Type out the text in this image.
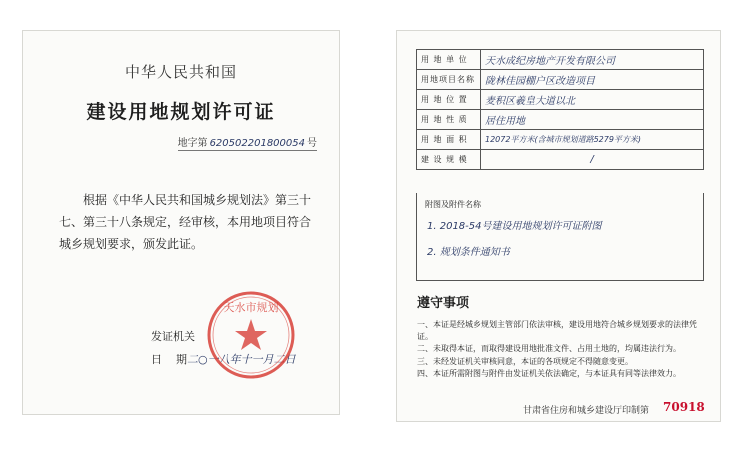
中华人民共和国
建设用地规划许可证
地字第 620502201800054 号
根据《中华人民共和国城乡规划法》第三十七、第三十八条规定，经审核，本用地项目符合城乡规划要求，颁发此证。
发证机关
日 期二○一八年十一月二日
天水市规划
用 地 单 位	天水成纪房地产开发有限公司
用地项目名称	陇林佳园棚户区改造项目
用 地 位 置	麦积区羲皇大道以北
用 地 性 质	居住用地
用 地 面 积	12072平方米(含城市规划道路5279平方米)
建 设 规 模	/
附图及附件名称
1. 2018-54号建设用地规划许可证附图
2. 规划条件通知书
遵守事项
一、本证是经城乡规划主管部门依法审核，建设用地符合城乡规划要求的法律凭证。
二、未取得本证，而取得建设用地批准文件、占用土地的，均属违法行为。
三、未经发证机关审核同意，本证的各项规定不得随意变更。
四、本证所需附图与附件由发证机关依法确定，与本证具有同等法律效力。
甘肃省住房和城乡建设厅印制第 70918
